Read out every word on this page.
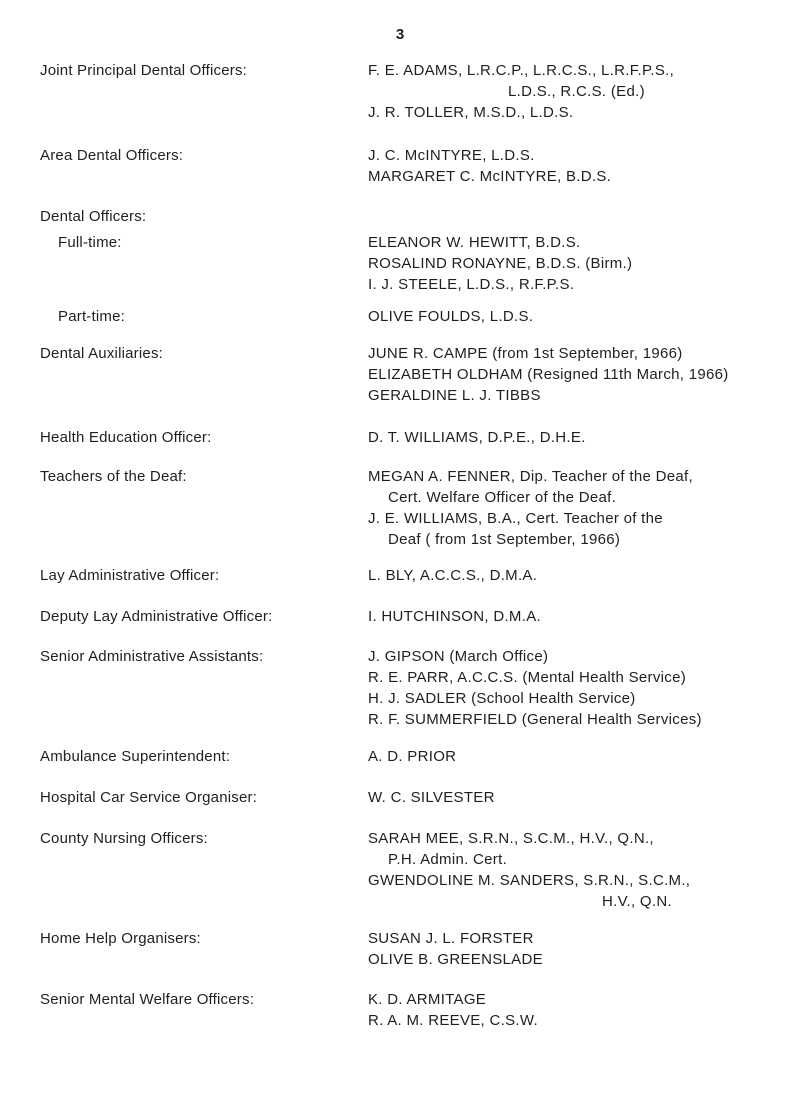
3
Joint Principal Dental Officers:	F. E. ADAMS, L.R.C.P., L.R.C.S., L.R.F.P.S.,
L.D.S., R.C.S. (Ed.)
J. R. TOLLER, M.S.D., L.D.S.
Area Dental Officers:	J. C. McINTYRE, L.D.S.
MARGARET C. McINTYRE, B.D.S.
Dental Officers:
Full-time:	ELEANOR W. HEWITT, B.D.S.
ROSALIND RONAYNE, B.D.S. (Birm.)
I. J. STEELE, L.D.S., R.F.P.S.
Part-time:	OLIVE FOULDS, L.D.S.
Dental Auxiliaries:	JUNE R. CAMPE (from 1st September, 1966)
ELIZABETH OLDHAM (Resigned 11th March, 1966)
GERALDINE L. J. TIBBS
Health Education Officer:	D. T. WILLIAMS, D.P.E., D.H.E.
Teachers of the Deaf:	MEGAN A. FENNER, Dip. Teacher of the Deaf,
Cert. Welfare Officer of the Deaf.
J. E. WILLIAMS, B.A., Cert. Teacher of the
Deaf ( from 1st September, 1966)
Lay Administrative Officer:	L. BLY, A.C.C.S., D.M.A.
Deputy Lay Administrative Officer:	I. HUTCHINSON, D.M.A.
Senior Administrative Assistants:	J. GIPSON (March Office)
R. E. PARR, A.C.C.S. (Mental Health Service)
H. J. SADLER (School Health Service)
R. F. SUMMERFIELD (General Health Services)
Ambulance Superintendent:	A. D. PRIOR
Hospital Car Service Organiser:	W. C. SILVESTER
County Nursing Officers:	SARAH MEE, S.R.N., S.C.M., H.V., Q.N.,
P.H. Admin. Cert.
GWENDOLINE M. SANDERS, S.R.N., S.C.M.,
H.V., Q.N.
Home Help Organisers:	SUSAN J. L. FORSTER
OLIVE B. GREENSLADE
Senior Mental Welfare Officers:	K. D. ARMITAGE
R. A. M. REEVE, C.S.W.
